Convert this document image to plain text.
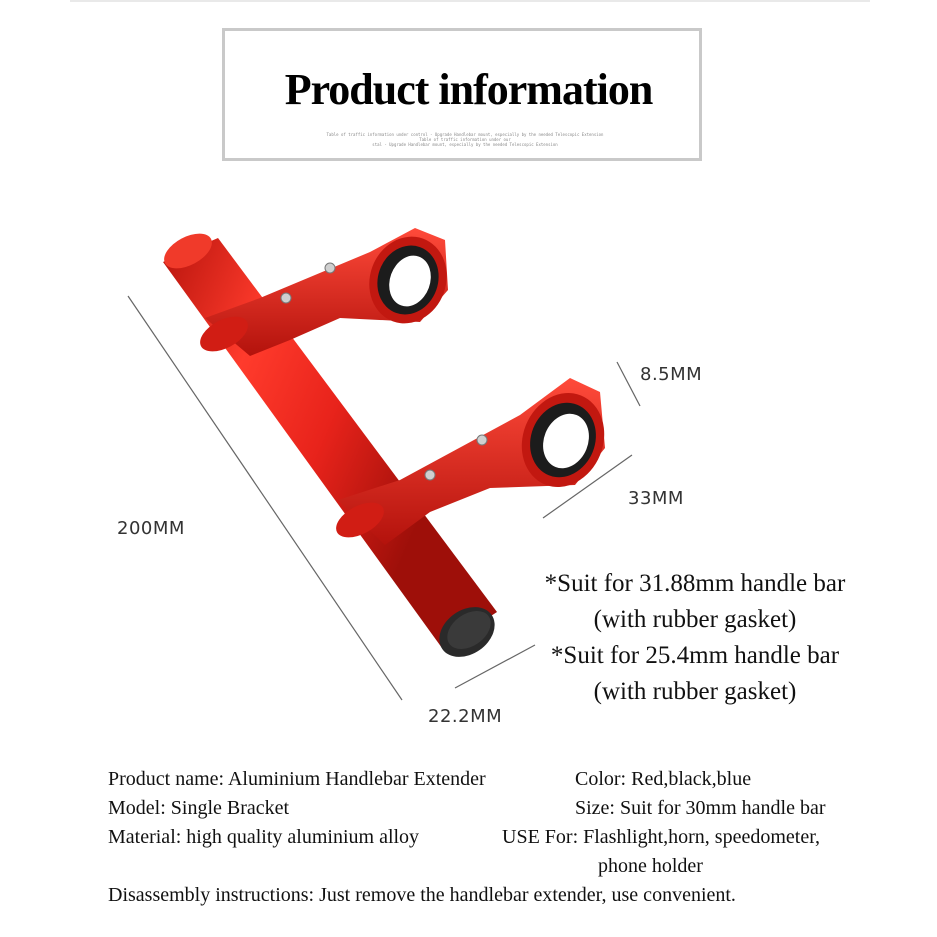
Product information
Table of traffic information under control - Upgrade Handlebar mount, especially by the needed Telescopic Extension
Table of traffic information under our
stal - Upgrade Handlebar mount, especially by the needed Telescopic Extension
200MM
8.5MM
33MM
22.2MM
*Suit for 31.88mm handle bar
(with rubber gasket)
*Suit for 25.4mm handle bar
(with rubber gasket)
Product name: Aluminium Handlebar Extender	Color: Red,black,blue
Model: Single Bracket	Size: Suit for 30mm handle bar
Material: high quality aluminium alloy	USE For: Flashlight,horn, speedometer,
phone holder
Disassembly instructions: Just remove the handlebar extender, use convenient.
